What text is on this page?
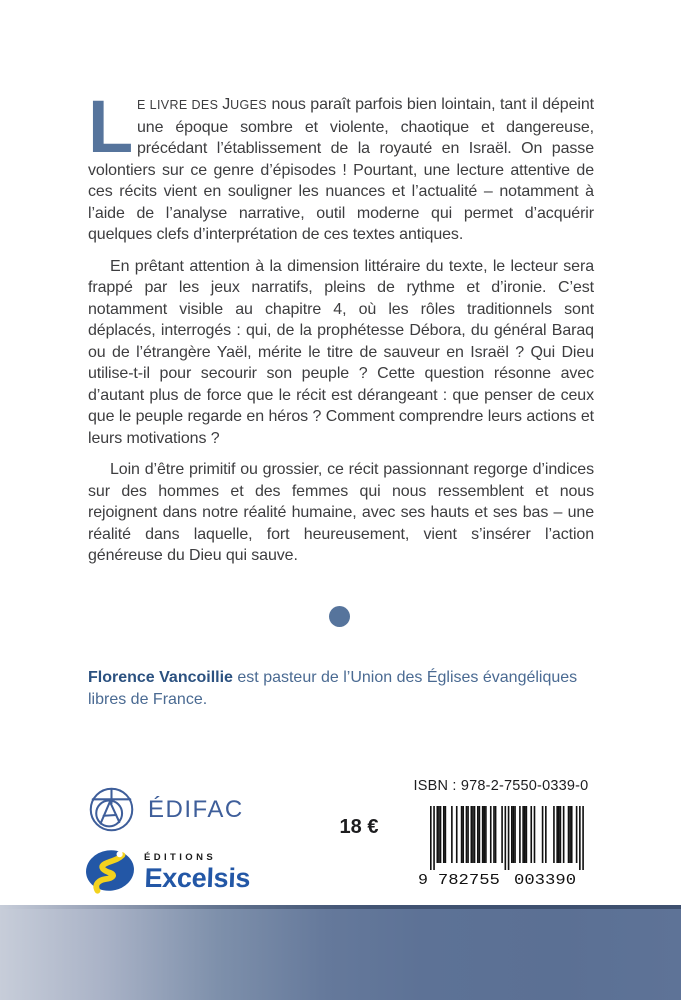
L E LIVRE DES JUGES nous paraît parfois bien lointain, tant il dépeint une époque sombre et violente, chaotique et dangereuse, précédant l’établissement de la royauté en Israël. On passe volontiers sur ce genre d’épisodes ! Pourtant, une lecture attentive de ces récits vient en souligner les nuances et l’actualité – notamment à l’aide de l’analyse narrative, outil moderne qui permet d’acquérir quelques clefs d’interprétation de ces textes antiques.

En prêtant attention à la dimension littéraire du texte, le lecteur sera frappé par les jeux narratifs, pleins de rythme et d’ironie. C’est notamment visible au chapitre 4, où les rôles traditionnels sont déplacés, interrogés : qui, de la prophétesse Débora, du général Baraq ou de l’étrangère Yaël, mérite le titre de sauveur en Israël ? Qui Dieu utilise-t-il pour secourir son peuple ? Cette question résonne avec d’autant plus de force que le récit est dérangeant : que penser de ceux que le peuple regarde en héros ? Comment comprendre leurs actions et leurs motivations ?

Loin d’être primitif ou grossier, ce récit passionnant regorge d’indices sur des hommes et des femmes qui nous ressemblent et nous rejoignent dans notre réalité humaine, avec ses hauts et ses bas – une réalité dans laquelle, fort heureusement, vient s’insérer l’action généreuse du Dieu qui sauve.

Florence Vancoillie est pasteur de l’Union des Églises évangéliques libres de France.
ÉDIFAC
ÉDITIONS
Excelsis
18 €
ISBN : 978-2-7550-0339-0
9 782755 003390
